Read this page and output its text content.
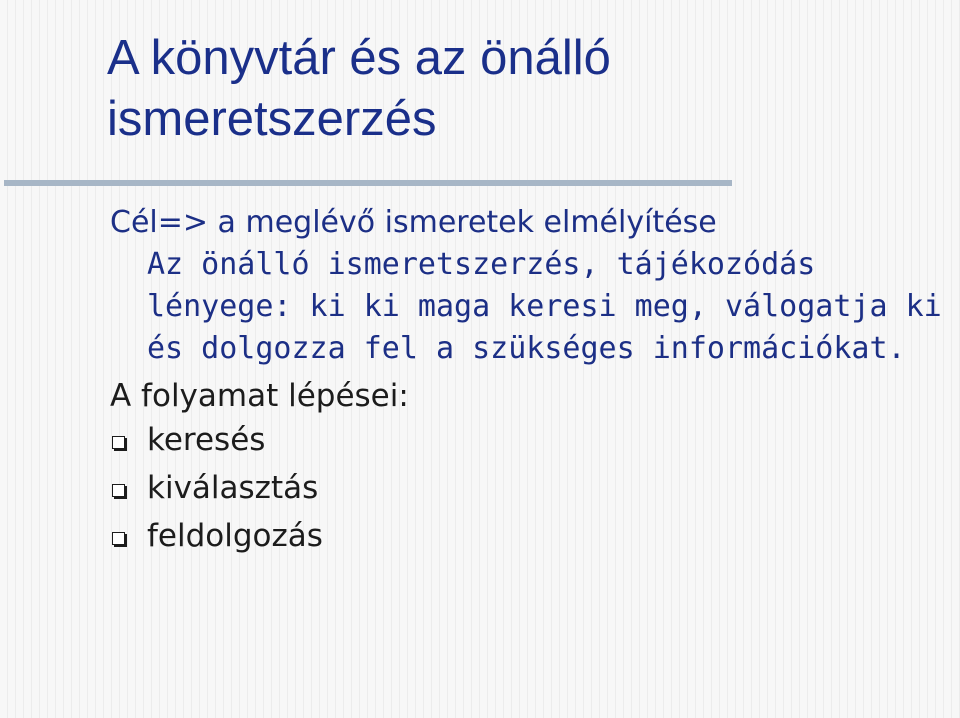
A könyvtár és az önálló ismeretszerzés

Cél=> a meglévő ismeretek elmélyítése

Az önálló ismeretszerzés, tájékozódás lényege: ki ki maga keresi meg, válogatja ki és dolgozza fel a szükséges információkat.

A folyamat lépései:

keresés
kiválasztás
feldolgozás
